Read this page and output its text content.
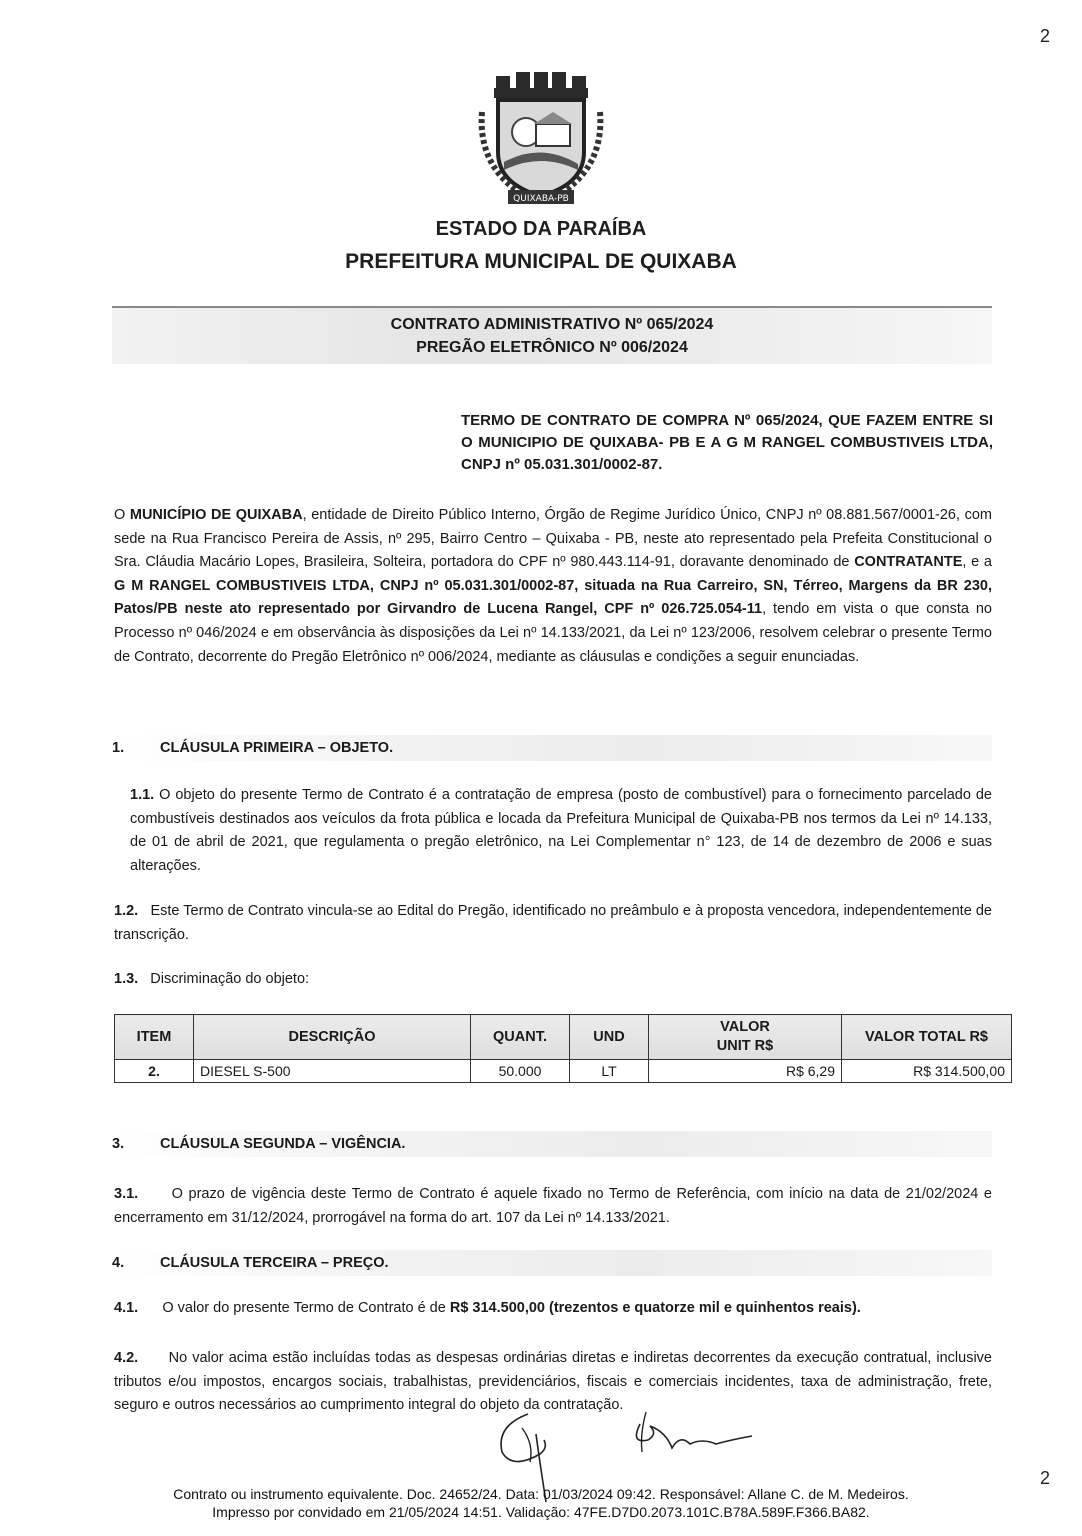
2
QUIXABA-PB
ESTADO DA PARAÍBA
PREFEITURA MUNICIPAL DE QUIXABA
CONTRATO ADMINISTRATIVO Nº 065/2024
PREGÃO ELETRÔNICO Nº 006/2024
TERMO DE CONTRATO DE COMPRA Nº 065/2024, QUE FAZEM ENTRE SI O MUNICIPIO DE QUIXABA- PB E A G M RANGEL COMBUSTIVEIS LTDA, CNPJ nº 05.031.301/0002-87.
O MUNICÍPIO DE QUIXABA, entidade de Direito Público Interno, Órgão de Regime Jurídico Único, CNPJ nº 08.881.567/0001-26, com sede na Rua Francisco Pereira de Assis, nº 295, Bairro Centro – Quixaba - PB, neste ato representado pela Prefeita Constitucional o Sra. Cláudia Macário Lopes, Brasileira, Solteira, portadora do CPF nº 980.443.114-91, doravante denominado de CONTRATANTE, e a G M RANGEL COMBUSTIVEIS LTDA, CNPJ nº 05.031.301/0002-87, situada na Rua Carreiro, SN, Térreo, Margens da BR 230, Patos/PB neste ato representado por Girvandro de Lucena Rangel, CPF nº 026.725.054-11, tendo em vista o que consta no Processo nº 046/2024 e em observância às disposições da Lei nº 14.133/2021, da Lei nº 123/2006, resolvem celebrar o presente Termo de Contrato, decorrente do Pregão Eletrônico nº 006/2024, mediante as cláusulas e condições a seguir enunciadas.
1. CLÁUSULA PRIMEIRA – OBJETO.
1.1. O objeto do presente Termo de Contrato é a contratação de empresa (posto de combustível) para o fornecimento parcelado de combustíveis destinados aos veículos da frota pública e locada da Prefeitura Municipal de Quixaba-PB nos termos da Lei nº 14.133, de 01 de abril de 2021, que regulamenta o pregão eletrônico, na Lei Complementar n° 123, de 14 de dezembro de 2006 e suas alterações.
1.2. Este Termo de Contrato vincula-se ao Edital do Pregão, identificado no preâmbulo e à proposta vencedora, independentemente de transcrição.
1.3. Discriminação do objeto:
ITEM	DESCRIÇÃO	QUANT.	UND	VALOR
UNIT R$	VALOR TOTAL R$
2.	DIESEL S-500	50.000	LT	R$ 6,29	R$ 314.500,00
3. CLÁUSULA SEGUNDA – VIGÊNCIA.
3.1. O prazo de vigência deste Termo de Contrato é aquele fixado no Termo de Referência, com início na data de 21/02/2024 e encerramento em 31/12/2024, prorrogável na forma do art. 107 da Lei nº 14.133/2021.
4. CLÁUSULA TERCEIRA – PREÇO.
4.1. O valor do presente Termo de Contrato é de R$ 314.500,00 (trezentos e quatorze mil e quinhentos reais).
4.2. No valor acima estão incluídas todas as despesas ordinárias diretas e indiretas decorrentes da execução contratual, inclusive tributos e/ou impostos, encargos sociais, trabalhistas, previdenciários, fiscais e comerciais incidentes, taxa de administração, frete, seguro e outros necessários ao cumprimento integral do objeto da contratação.
Contrato ou instrumento equivalente. Doc. 24652/24. Data: 01/03/2024 09:42. Responsável: Allane C. de M. Medeiros.
Impresso por convidado em 21/05/2024 14:51. Validação: 47FE.D7D0.2073.101C.B78A.589F.F366.BA82.
2
